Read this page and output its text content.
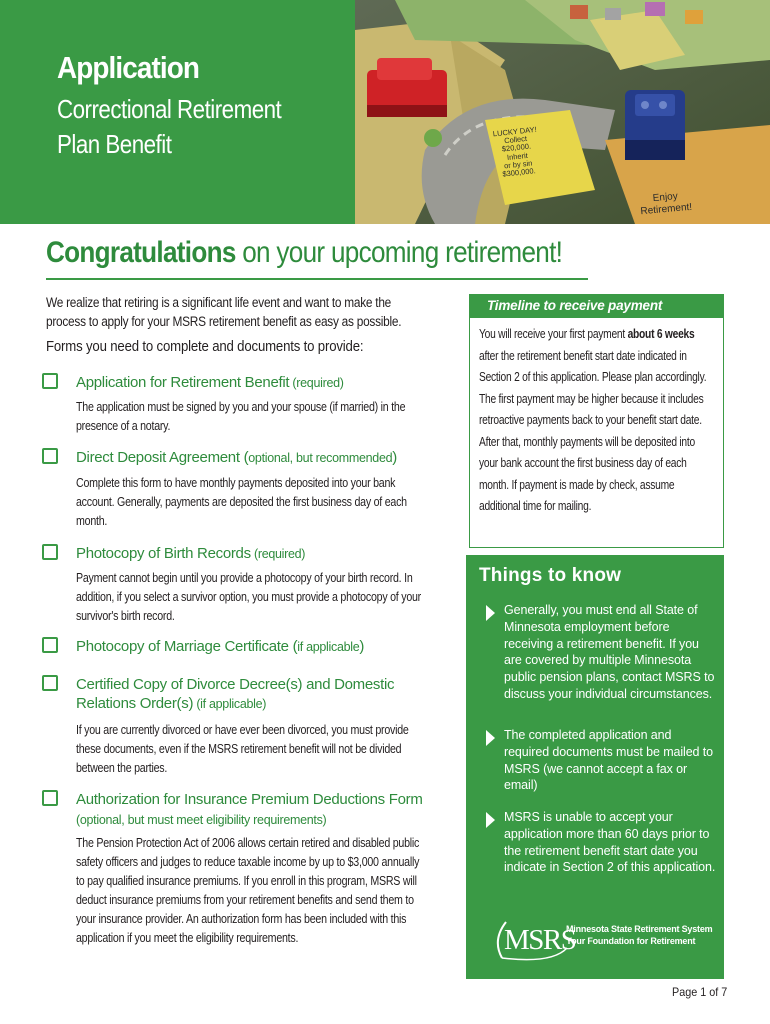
Application
Correctional Retirement Plan Benefit	LUCKY DAY!
Collect
$20,000.
Inherit
or by sin
$300,000.
Enjoy
Retirement!
Congratulations on your upcoming retirement!
We realize that retiring is a significant life event and want to make the process to apply for your MSRS retirement benefit as easy as possible.
Forms you need to complete and documents to provide:
Application for Retirement Benefit (required)
The application must be signed by you and your spouse (if married) in the presence of a notary.
Direct Deposit Agreement (optional, but recommended)
Complete this form to have monthly payments deposited into your bank account. Generally, payments are deposited the first business day of each month.
Photocopy of Birth Records (required)
Payment cannot begin until you provide a photocopy of your birth record. In addition, if you select a survivor option, you must provide a photocopy of your survivor's birth record.
Photocopy of Marriage Certificate (if applicable)
Certified Copy of Divorce Decree(s) and Domestic Relations Order(s) (if applicable)
If you are currently divorced or have ever been divorced, you must provide these documents, even if the MSRS retirement benefit will not be divided between the parties.
Authorization for Insurance Premium Deductions Form (optional, but must meet eligibility requirements)
The Pension Protection Act of 2006 allows certain retired and disabled public safety officers and judges to reduce taxable income by up to $3,000 annually to pay qualified insurance premiums. If you enroll in this program, MSRS will deduct insurance premiums from your retirement benefits and send them to your insurance provider. An authorization form has been included with this application if you meet the eligibility requirements.
Timeline to receive payment
You will receive your first payment about 6 weeks after the retirement benefit start date indicated in Section 2 of this application. Please plan accordingly. The first payment may be higher because it includes retroactive payments back to your benefit start date. After that, monthly payments will be deposited into your bank account the first business day of each month. If payment is made by check, assume additional time for mailing.
Things to know
Generally, you must end all State of Minnesota employment before receiving a retirement benefit. If you are covered by multiple Minnesota public pension plans, contact MSRS to discuss your individual circumstances.
The completed application and required documents must be mailed to MSRS (we cannot accept a fax or email)
MSRS is unable to accept your application more than 60 days prior to the retirement benefit start date you indicate in Section 2 of this application.
MSRS
Minnesota State Retirement System
Your Foundation for Retirement
Page 1 of 7
